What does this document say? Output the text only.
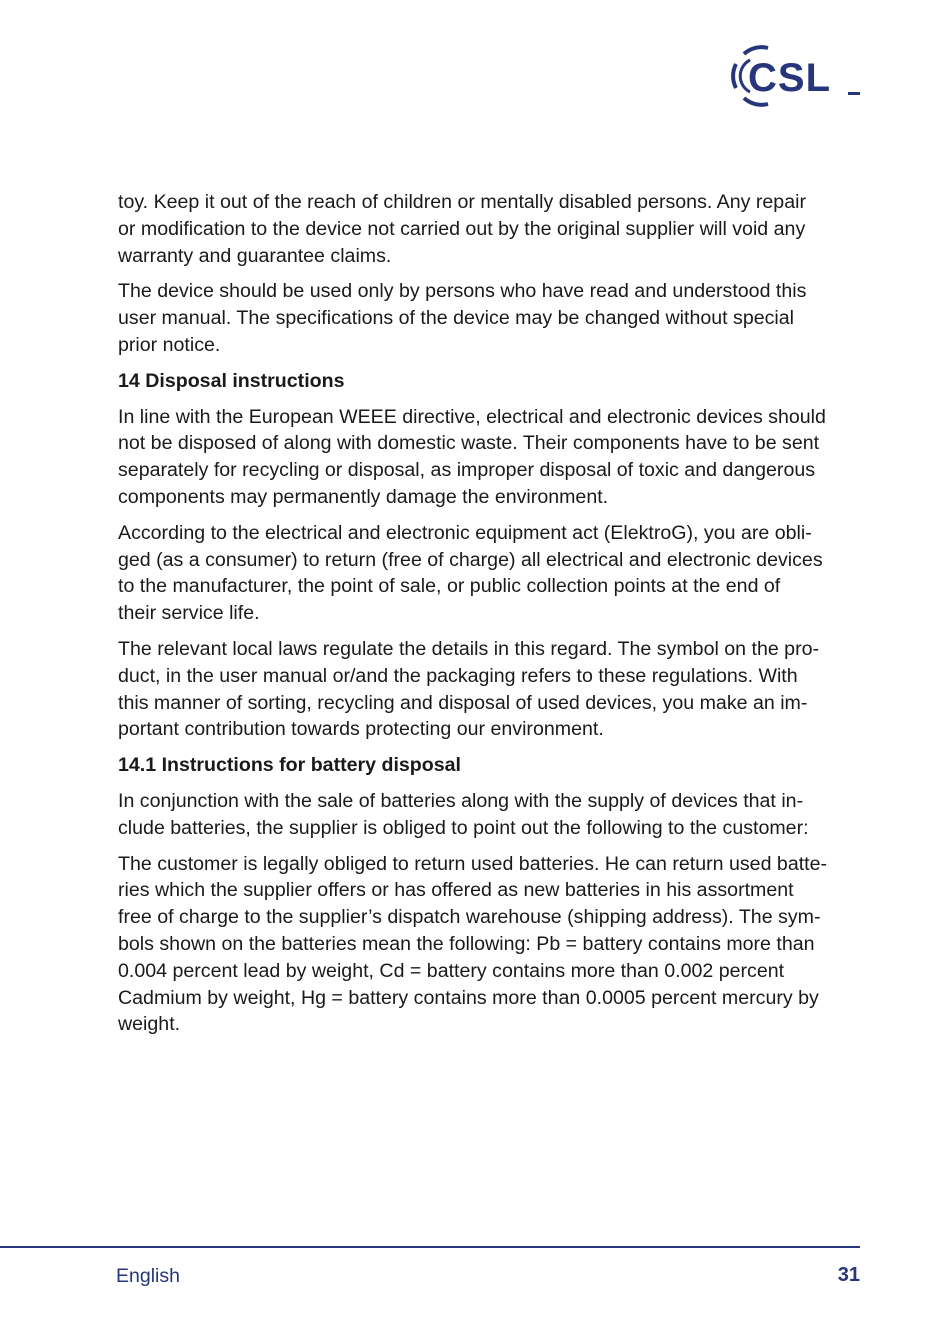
CSL

toy. Keep it out of the reach of children or mentally disabled persons. Any repair
or modification to the device not carried out by the original supplier will void any
warranty and guarantee claims.

The device should be used only by persons who have read and understood this
user manual. The specifications of the device may be changed without special
prior notice.

14 Disposal instructions

In line with the European WEEE directive, electrical and electronic devices should
not be disposed of along with domestic waste. Their components have to be sent
separately for recycling or disposal, as improper disposal of toxic and dangerous
components may permanently damage the environment.

According to the electrical and electronic equipment act (ElektroG), you are obli-
ged (as a consumer) to return (free of charge) all electrical and electronic devices
to the manufacturer, the point of sale, or public collection points at the end of
their service life.

The relevant local laws regulate the details in this regard. The symbol on the pro-
duct, in the user manual or/and the packaging refers to these regulations. With
this manner of sorting, recycling and disposal of used devices, you make an im-
portant contribution towards protecting our environment.

14.1 Instructions for battery disposal

In conjunction with the sale of batteries along with the supply of devices that in-
clude batteries, the supplier is obliged to point out the following to the customer:

The customer is legally obliged to return used batteries. He can return used batte-
ries which the supplier offers or has offered as new batteries in his assortment
free of charge to the supplier’s dispatch warehouse (shipping address). The sym-
bols shown on the batteries mean the following: Pb = battery contains more than
0.004 percent lead by weight, Cd = battery contains more than 0.002 percent
Cadmium by weight, Hg = battery contains more than 0.0005 percent mercury by
weight.

English	31
